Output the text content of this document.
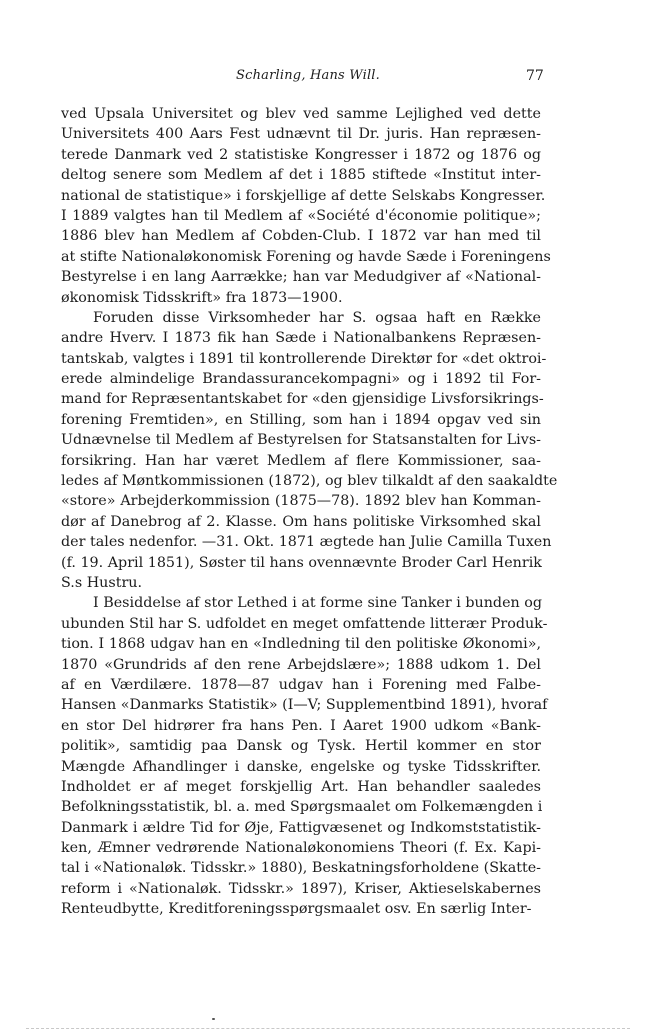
Scharling, Hans Will.	77
ved Upsala Universitet og blev ved samme Lejlighed ved dette
Universitets 400 Aars Fest udnævnt til Dr. juris. Han repræsen-
terede Danmark ved 2 statistiske Kongresser i 1872 og 1876 og
deltog senere som Medlem af det i 1885 stiftede «Institut inter-
national de statistique» i forskjellige af dette Selskabs Kongresser.
I 1889 valgtes han til Medlem af «Société d'économie politique»;
1886 blev han Medlem af Cobden-Club. I 1872 var han med til
at stifte Nationaløkonomisk Forening og havde Sæde i Foreningens
Bestyrelse i en lang Aarrække; han var Medudgiver af «National-
økonomisk Tidsskrift» fra 1873—1900.
Foruden disse Virksomheder har S. ogsaa haft en Række
andre Hverv. I 1873 fik han Sæde i Nationalbankens Repræsen-
tantskab, valgtes i 1891 til kontrollerende Direktør for «det oktroi-
erede almindelige Brandassurancekompagni» og i 1892 til For-
mand for Repræsentantskabet for «den gjensidige Livsforsikrings-
forening Fremtiden», en Stilling, som han i 1894 opgav ved sin
Udnævnelse til Medlem af Bestyrelsen for Statsanstalten for Livs-
forsikring. Han har været Medlem af flere Kommissioner, saa-
ledes af Møntkommissionen (1872), og blev tilkaldt af den saakaldte
«store» Arbejderkommission (1875—78). 1892 blev han Komman-
dør af Danebrog af 2. Klasse. Om hans politiske Virksomhed skal
der tales nedenfor. —31. Okt. 1871 ægtede han Julie Camilla Tuxen
(f. 19. April 1851), Søster til hans ovennævnte Broder Carl Henrik
S.s Hustru.
I Besiddelse af stor Lethed i at forme sine Tanker i bunden og
ubunden Stil har S. udfoldet en meget omfattende litterær Produk-
tion. I 1868 udgav han en «Indledning til den politiske Økonomi»,
1870 «Grundrids af den rene Arbejdslære»; 1888 udkom 1. Del
af en Værdilære. 1878—87 udgav han i Forening med Falbe-
Hansen «Danmarks Statistik» (I—V; Supplementbind 1891), hvoraf
en stor Del hidrører fra hans Pen. I Aaret 1900 udkom «Bank-
politik», samtidig paa Dansk og Tysk. Hertil kommer en stor
Mængde Afhandlinger i danske, engelske og tyske Tidsskrifter.
Indholdet er af meget forskjellig Art. Han behandler saaledes
Befolkningsstatistik, bl. a. med Spørgsmaalet om Folkemængden i
Danmark i ældre Tid for Øje, Fattigvæsenet og Indkomststatistik-
ken, Æmner vedrørende Nationaløkonomiens Theori (f. Ex. Kapi-
tal i «Nationaløk. Tidsskr.» 1880), Beskatningsforholdene (Skatte-
reform i «Nationaløk. Tidsskr.» 1897), Kriser, Aktieselskabernes
Renteudbytte, Kreditforeningsspørgsmaalet osv. En særlig Inter-
